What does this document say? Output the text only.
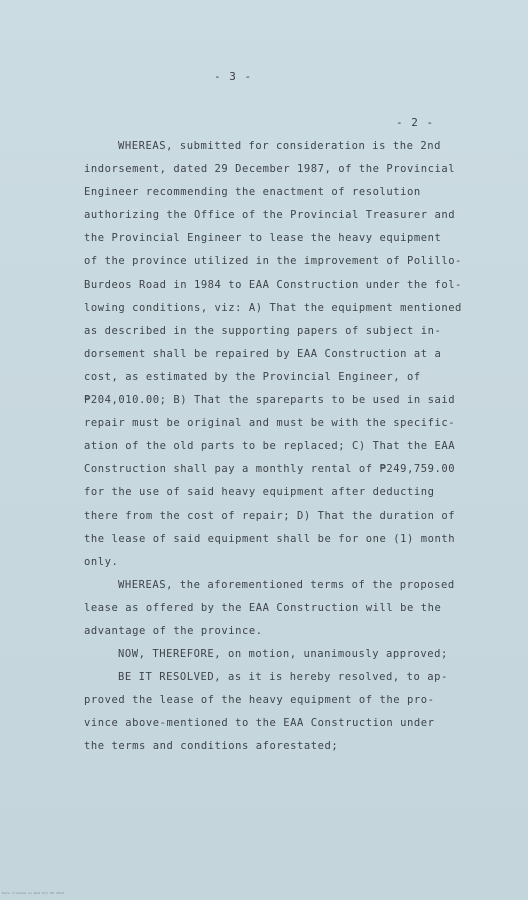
- 3 -
- 2 -
WHEREAS, submitted for consideration is the 2nd
indorsement, dated 29 December 1987, of the Provincial
Engineer recommending the enactment of resolution
authorizing the Office of the Provincial Treasurer and
the Provincial Engineer to lease the heavy equipment
of the province utilized in the improvement of Polillo-
Burdeos Road in 1984 to EAA Construction under the fol-
lowing conditions, viz: A) That the equipment mentioned
as described in the supporting papers of subject in-
dorsement shall be repaired by EAA Construction at a
cost, as estimated by the Provincial Engineer, of
₱204,010.00; B) That the spareparts to be used in said
repair must be original and must be with the specific-
ation of the old parts to be replaced; C) That the EAA
Construction shall pay a monthly rental of ₱249,759.00
for the use of said heavy equipment after deducting
there from the cost of repair; D) That the duration of
the lease of said equipment shall be for one (1) month
only.
WHEREAS, the aforementioned terms of the proposed
lease as offered by the EAA Construction will be the
advantage of the province.
NOW, THEREFORE, on motion, unanimously approved;
BE IT RESOLVED, as it is hereby resolved, to ap-
proved the lease of the heavy equipment of the pro-
vince above-mentioned to the EAA Construction under
the terms and conditions aforestated;
Date Created on Wed Oct 09 2019
